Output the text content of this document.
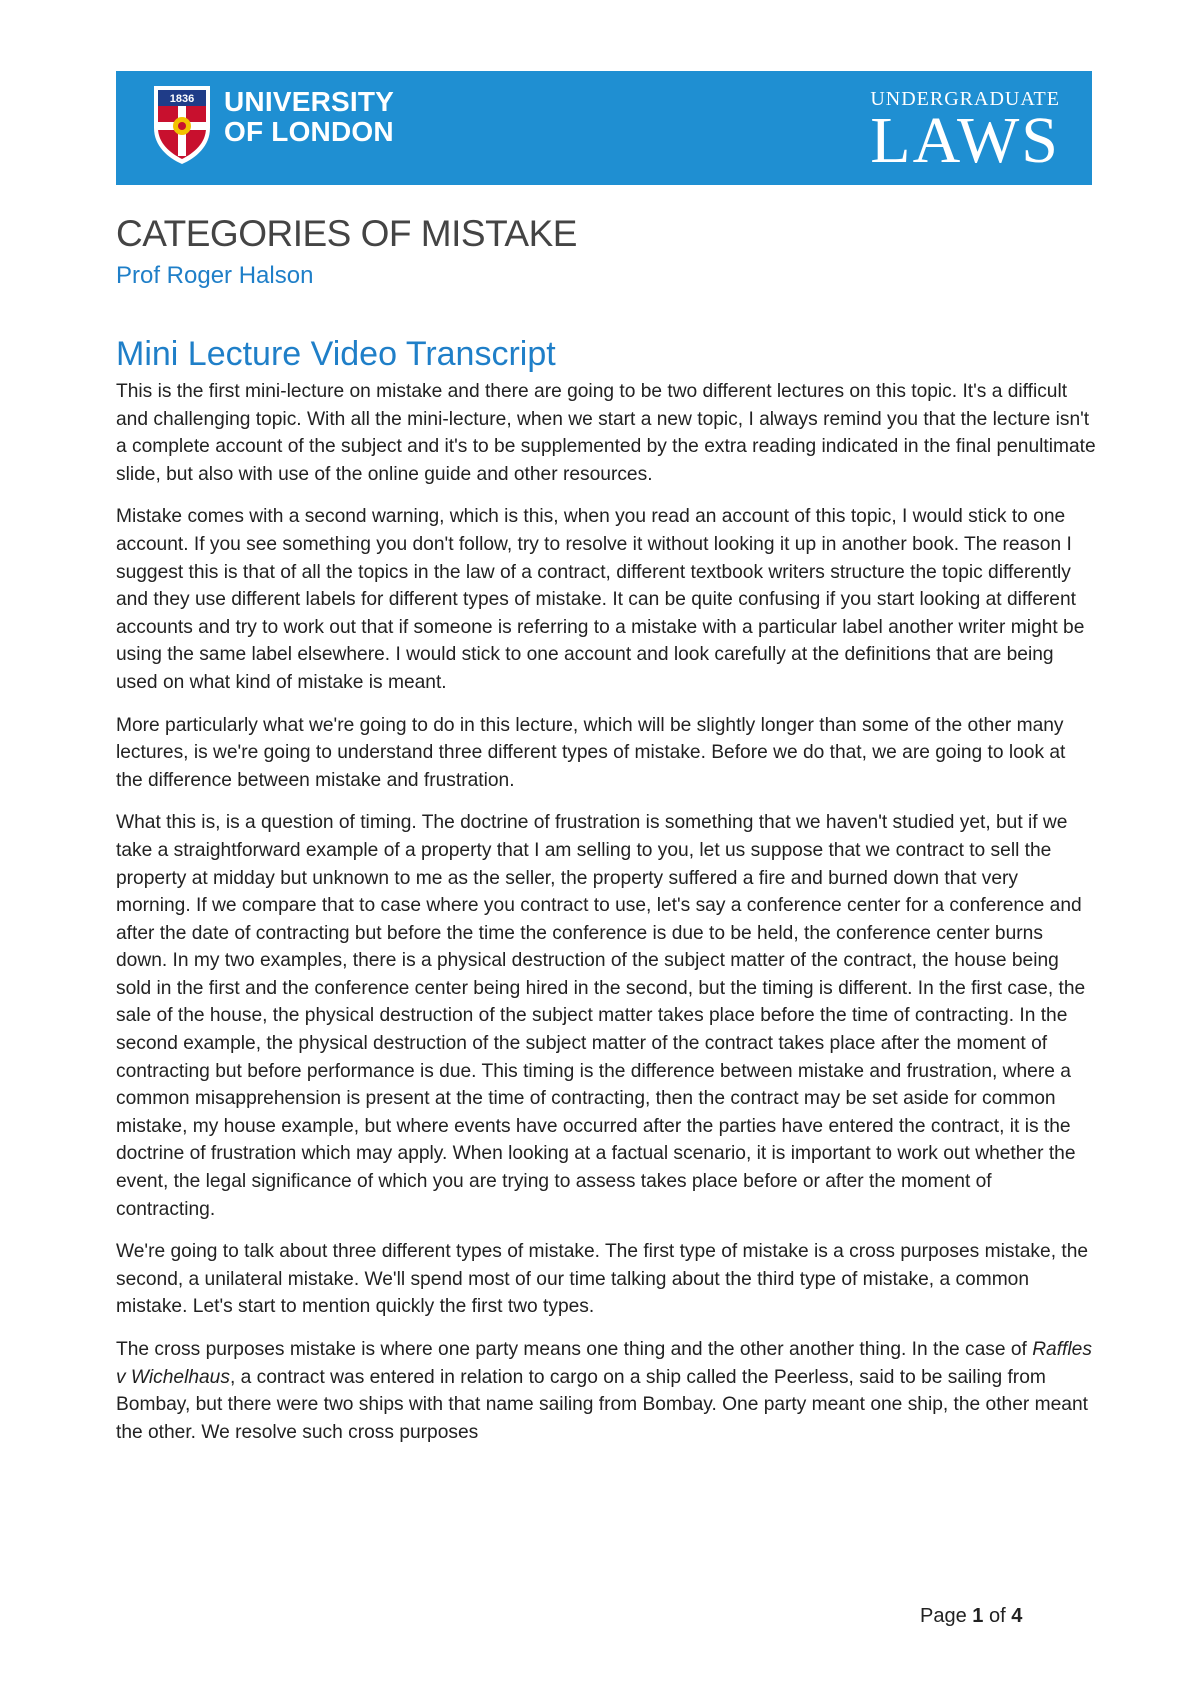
1836 UNIVERSITY
OF LONDON
UNDERGRADUATE
LAWS
CATEGORIES OF MISTAKE
Prof Roger Halson
Mini Lecture Video Transcript

This is the first mini-lecture on mistake and there are going to be two different lectures on this topic. It's a difficult and challenging topic. With all the mini-lecture, when we start a new topic, I always remind you that the lecture isn't a complete account of the subject and it's to be supplemented by the extra reading indicated in the final penultimate slide, but also with use of the online guide and other resources.

Mistake comes with a second warning, which is this, when you read an account of this topic, I would stick to one account. If you see something you don't follow, try to resolve it without looking it up in another book. The reason I suggest this is that of all the topics in the law of a contract, different textbook writers structure the topic differently and they use different labels for different types of mistake. It can be quite confusing if you start looking at different accounts and try to work out that if someone is referring to a mistake with a particular label another writer might be using the same label elsewhere. I would stick to one account and look carefully at the definitions that are being used on what kind of mistake is meant.

More particularly what we're going to do in this lecture, which will be slightly longer than some of the other many lectures, is we're going to understand three different types of mistake. Before we do that, we are going to look at the difference between mistake and frustration.

What this is, is a question of timing. The doctrine of frustration is something that we haven't studied yet, but if we take a straightforward example of a property that I am selling to you, let us suppose that we contract to sell the property at midday but unknown to me as the seller, the property suffered a fire and burned down that very morning. If we compare that to case where you contract to use, let's say a conference center for a conference and after the date of contracting but before the time the conference is due to be held, the conference center burns down. In my two examples, there is a physical destruction of the subject matter of the contract, the house being sold in the first and the conference center being hired in the second, but the timing is different. In the first case, the sale of the house, the physical destruction of the subject matter takes place before the time of contracting. In the second example, the physical destruction of the subject matter of the contract takes place after the moment of contracting but before performance is due. This timing is the difference between mistake and frustration, where a common misapprehension is present at the time of contracting, then the contract may be set aside for common mistake, my house example, but where events have occurred after the parties have entered the contract, it is the doctrine of frustration which may apply. When looking at a factual scenario, it is important to work out whether the event, the legal significance of which you are trying to assess takes place before or after the moment of contracting.

We're going to talk about three different types of mistake. The first type of mistake is a cross purposes mistake, the second, a unilateral mistake. We'll spend most of our time talking about the third type of mistake, a common mistake. Let's start to mention quickly the first two types.

The cross purposes mistake is where one party means one thing and the other another thing. In the case of Raffles v Wichelhaus, a contract was entered in relation to cargo on a ship called the Peerless, said to be sailing from Bombay, but there were two ships with that name sailing from Bombay. One party meant one ship, the other meant the other. We resolve such cross purposes

Page 1 of 4
